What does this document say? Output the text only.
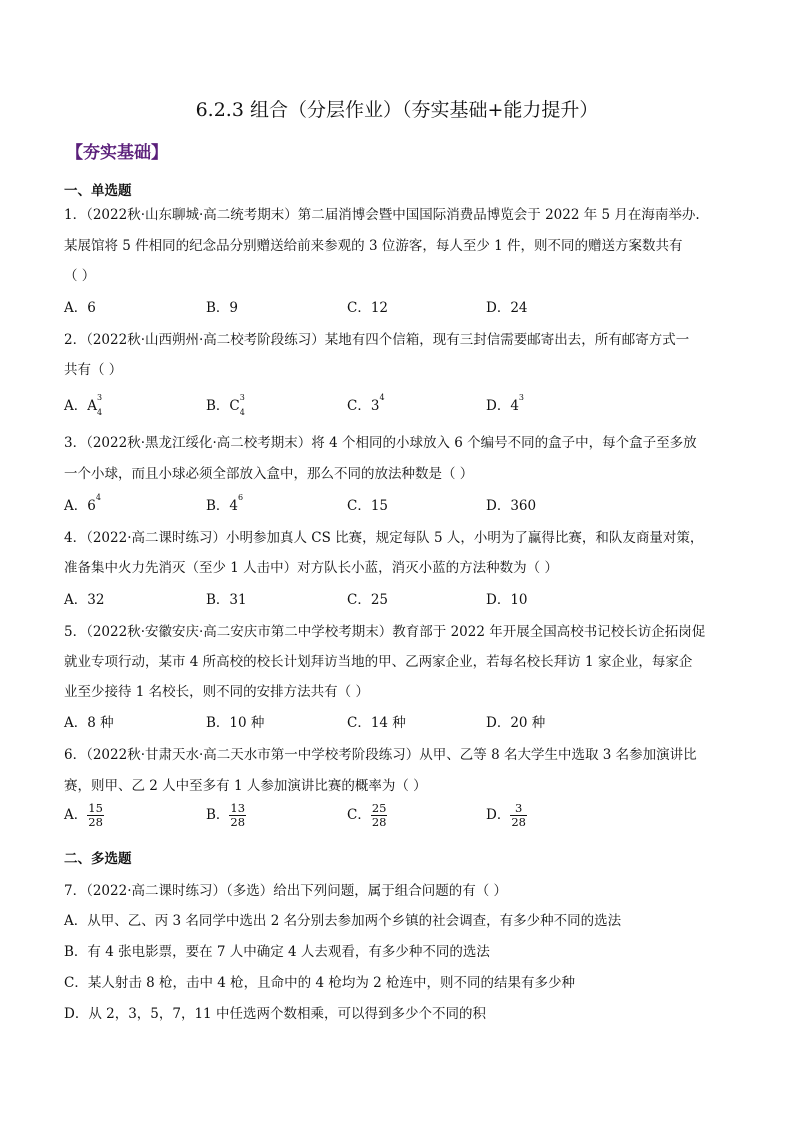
6.2.3 组合（分层作业）（夯实基础+能力提升）
【夯实基础】
一、单选题
1．（2022秋·山东聊城·高二统考期末）第二届消博会暨中国国际消费品博览会于 2022 年 5 月在海南举办.
某展馆将 5 件相同的纪念品分别赠送给前来参观的 3 位游客，每人至少 1 件，则不同的赠送方案数共有
（ ）
A．6	B．9	C．12	D．24
2．（2022秋·山西朔州·高二校考阶段练习）某地有四个信箱，现有三封信需要邮寄出去，所有邮寄方式一
共有（ ）
A．A
3
4	B．C
3
4	C．3
4
D．4
3
3．（2022秋·黑龙江绥化·高二校考期末）将 4 个相同的小球放入 6 个编号不同的盒子中，每个盒子至多放
一个小球，而且小球必须全部放入盒中，那么不同的放法种数是（ ）
A．6
4
B．4
6
C．15	D．360
4．（2022·高二课时练习）小明参加真人 CS 比赛，规定每队 5 人，小明为了赢得比赛，和队友商量对策，
准备集中火力先消灭（至少 1 人击中）对方队长小蓝，消灭小蓝的方法种数为（ ）
A．32	B．31	C．25	D．10
5．（2022秋·安徽安庆·高二安庆市第二中学校考期末）教育部于 2022 年开展全国高校书记校长访企拓岗促
就业专项行动，某市 4 所高校的校长计划拜访当地的甲、乙两家企业，若每名校长拜访 1 家企业，每家企
业至少接待 1 名校长，则不同的安排方法共有（ ）
A．8 种	B．10 种	C．14 种	D．20 种
6．（2022秋·甘肃天水·高二天水市第一中学校考阶段练习）从甲、乙等 8 名大学生中选取 3 名参加演讲比
赛，则甲、乙 2 人中至多有 1 人参加演讲比赛的概率为（ ）
A． $\frac{15}{28}$	B． $\frac{13}{28}$	C． $\frac{25}{28}$	D． $\frac{3}{28}$
二、多选题
7．（2022·高二课时练习）（多选）给出下列问题，属于组合问题的有（ ）
A．从甲、乙、丙 3 名同学中选出 2 名分别去参加两个乡镇的社会调查，有多少种不同的选法
B．有 4 张电影票，要在 7 人中确定 4 人去观看，有多少种不同的选法
C．某人射击 8 枪，击中 4 枪，且命中的 4 枪均为 2 枪连中，则不同的结果有多少种
D．从 2，3，5，7，11 中任选两个数相乘，可以得到多少个不同的积
